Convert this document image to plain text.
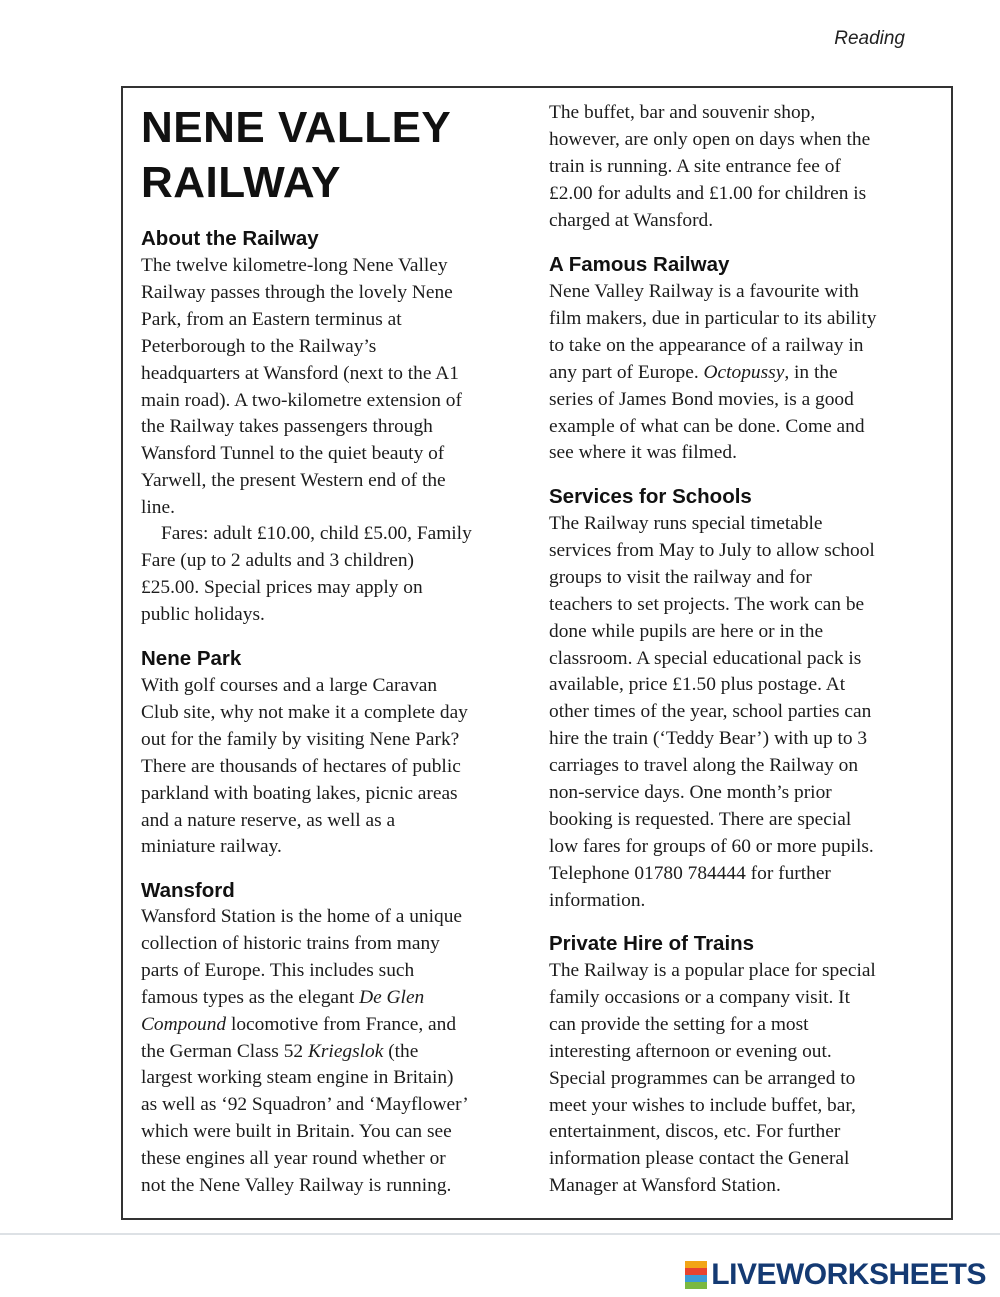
Reading
NENE VALLEY RAILWAY
About the Railway

The twelve kilometre-long Nene Valley
Railway passes through the lovely Nene
Park, from an Eastern terminus at
Peterborough to the Railway’s
headquarters at Wansford (next to the A1
main road). A two-kilometre extension of
the Railway takes passengers through
Wansford Tunnel to the quiet beauty of
Yarwell, the present Western end of the
line.

Fares: adult £10.00, child £5.00, Family
Fare (up to 2 adults and 3 children)
£25.00. Special prices may apply on
public holidays.

Nene Park

With golf courses and a large Caravan
Club site, why not make it a complete day
out for the family by visiting Nene Park?
There are thousands of hectares of public
parkland with boating lakes, picnic areas
and a nature reserve, as well as a
miniature railway.

Wansford

Wansford Station is the home of a unique
collection of historic trains from many
parts of Europe. This includes such
famous types as the elegant De Glen
Compound locomotive from France, and
the German Class 52 Kriegslok (the
largest working steam engine in Britain)
as well as ‘92 Squadron’ and ‘Mayflower’
which were built in Britain. You can see
these engines all year round whether or
not the Nene Valley Railway is running.

The buffet, bar and souvenir shop,
however, are only open on days when the
train is running. A site entrance fee of
£2.00 for adults and £1.00 for children is
charged at Wansford.

A Famous Railway

Nene Valley Railway is a favourite with
film makers, due in particular to its ability
to take on the appearance of a railway in
any part of Europe. Octopussy, in the
series of James Bond movies, is a good
example of what can be done. Come and
see where it was filmed.

Services for Schools

The Railway runs special timetable
services from May to July to allow school
groups to visit the railway and for
teachers to set projects. The work can be
done while pupils are here or in the
classroom. A special educational pack is
available, price £1.50 plus postage. At
other times of the year, school parties can
hire the train (‘Teddy Bear’) with up to 3
carriages to travel along the Railway on
non-service days. One month’s prior
booking is requested. There are special
low fares for groups of 60 or more pupils.
Telephone 01780 784444 for further
information.

Private Hire of Trains

The Railway is a popular place for special
family occasions or a company visit. It
can provide the setting for a most
interesting afternoon or evening out.
Special programmes can be arranged to
meet your wishes to include buffet, bar,
entertainment, discos, etc. For further
information please contact the General
Manager at Wansford Station.

LIVEWORKSHEETS
